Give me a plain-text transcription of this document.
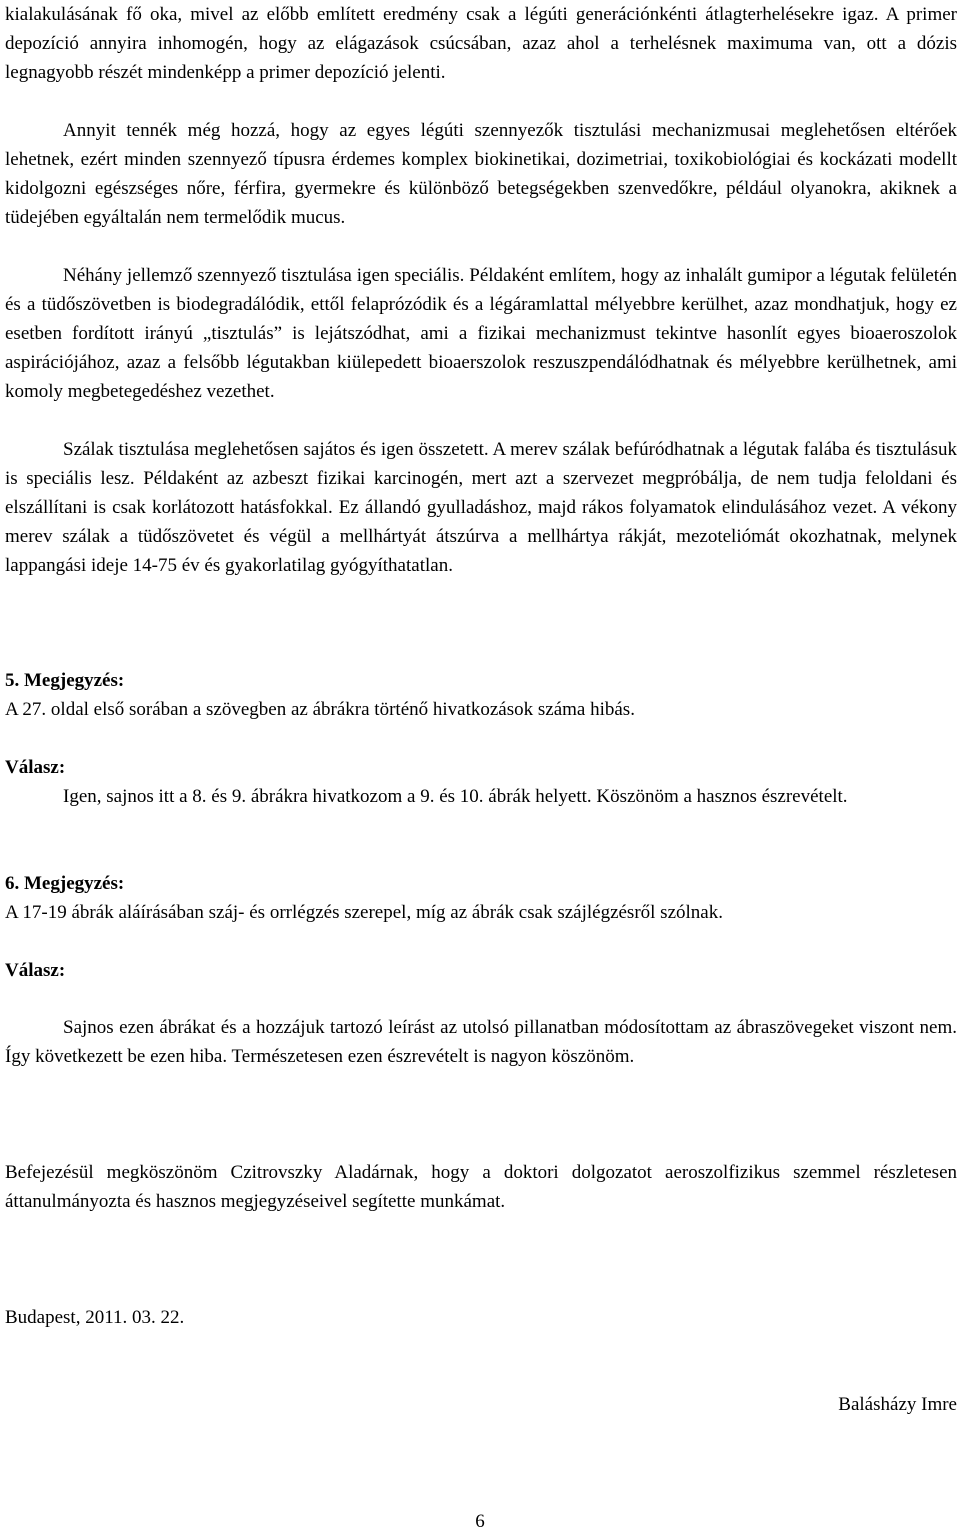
kialakulásának fő oka, mivel az előbb említett eredmény csak a légúti generációnkénti átlagterhelésekre igaz. A primer depozíció annyira inhomogén, hogy az elágazások csúcsában, azaz ahol a terhelésnek maximuma van, ott a dózis legnagyobb részét mindenképp a primer depozíció jelenti.

Annyit tennék még hozzá, hogy az egyes légúti szennyezők tisztulási mechanizmusai meglehetősen eltérőek lehetnek, ezért minden szennyező típusra érdemes komplex biokinetikai, dozimetriai, toxikobiológiai és kockázati modellt kidolgozni egészséges nőre, férfira, gyermekre és különböző betegségekben szenvedőkre, például olyanokra, akiknek a tüdejében egyáltalán nem termelődik mucus.

Néhány jellemző szennyező tisztulása igen speciális. Példaként említem, hogy az inhalált gumipor a légutak felületén és a tüdőszövetben is biodegradálódik, ettől felaprózódik és a légáramlattal mélyebbre kerülhet, azaz mondhatjuk, hogy ez esetben fordított irányú „tisztulás” is lejátszódhat, ami a fizikai mechanizmust tekintve hasonlít egyes bioaeroszolok aspirációjához, azaz a felsőbb légutakban kiülepedett bioaerszolok reszuszpendálódhatnak és mélyebbre kerülhetnek, ami komoly megbetegedéshez vezethet.

Szálak tisztulása meglehetősen sajátos és igen összetett. A merev szálak befúródhatnak a légutak falába és tisztulásuk is speciális lesz. Példaként az azbeszt fizikai karcinogén, mert azt a szervezet megpróbálja, de nem tudja feloldani és elszállítani is csak korlátozott hatásfokkal. Ez állandó gyulladáshoz, majd rákos folyamatok elindulásához vezet. A vékony merev szálak a tüdőszövetet és végül a mellhártyát átszúrva a mellhártya rákját, mezoteliómát okozhatnak, melynek lappangási ideje 14-75 év és gyakorlatilag gyógyíthatatlan.

5. Megjegyzés:

A 27. oldal első sorában a szövegben az ábrákra történő hivatkozások száma hibás.

Válasz:

Igen, sajnos itt a 8. és 9. ábrákra hivatkozom a 9. és 10. ábrák helyett. Köszönöm a hasznos észrevételt.

6. Megjegyzés:

A 17-19 ábrák aláírásában száj- és orrlégzés szerepel, míg az ábrák csak szájlégzésről szólnak.

Válasz:

Sajnos ezen ábrákat és a hozzájuk tartozó leírást az utolsó pillanatban módosítottam az ábraszövegeket viszont nem. Így következett be ezen hiba. Természetesen ezen észrevételt is nagyon köszönöm.

Befejezésül megköszönöm Czitrovszky Aladárnak, hogy a doktori dolgozatot aeroszolfizikus szemmel részletesen áttanulmányozta és hasznos megjegyzéseivel segítette munkámat.

Budapest, 2011. 03. 22.

Balásházy Imre

6
